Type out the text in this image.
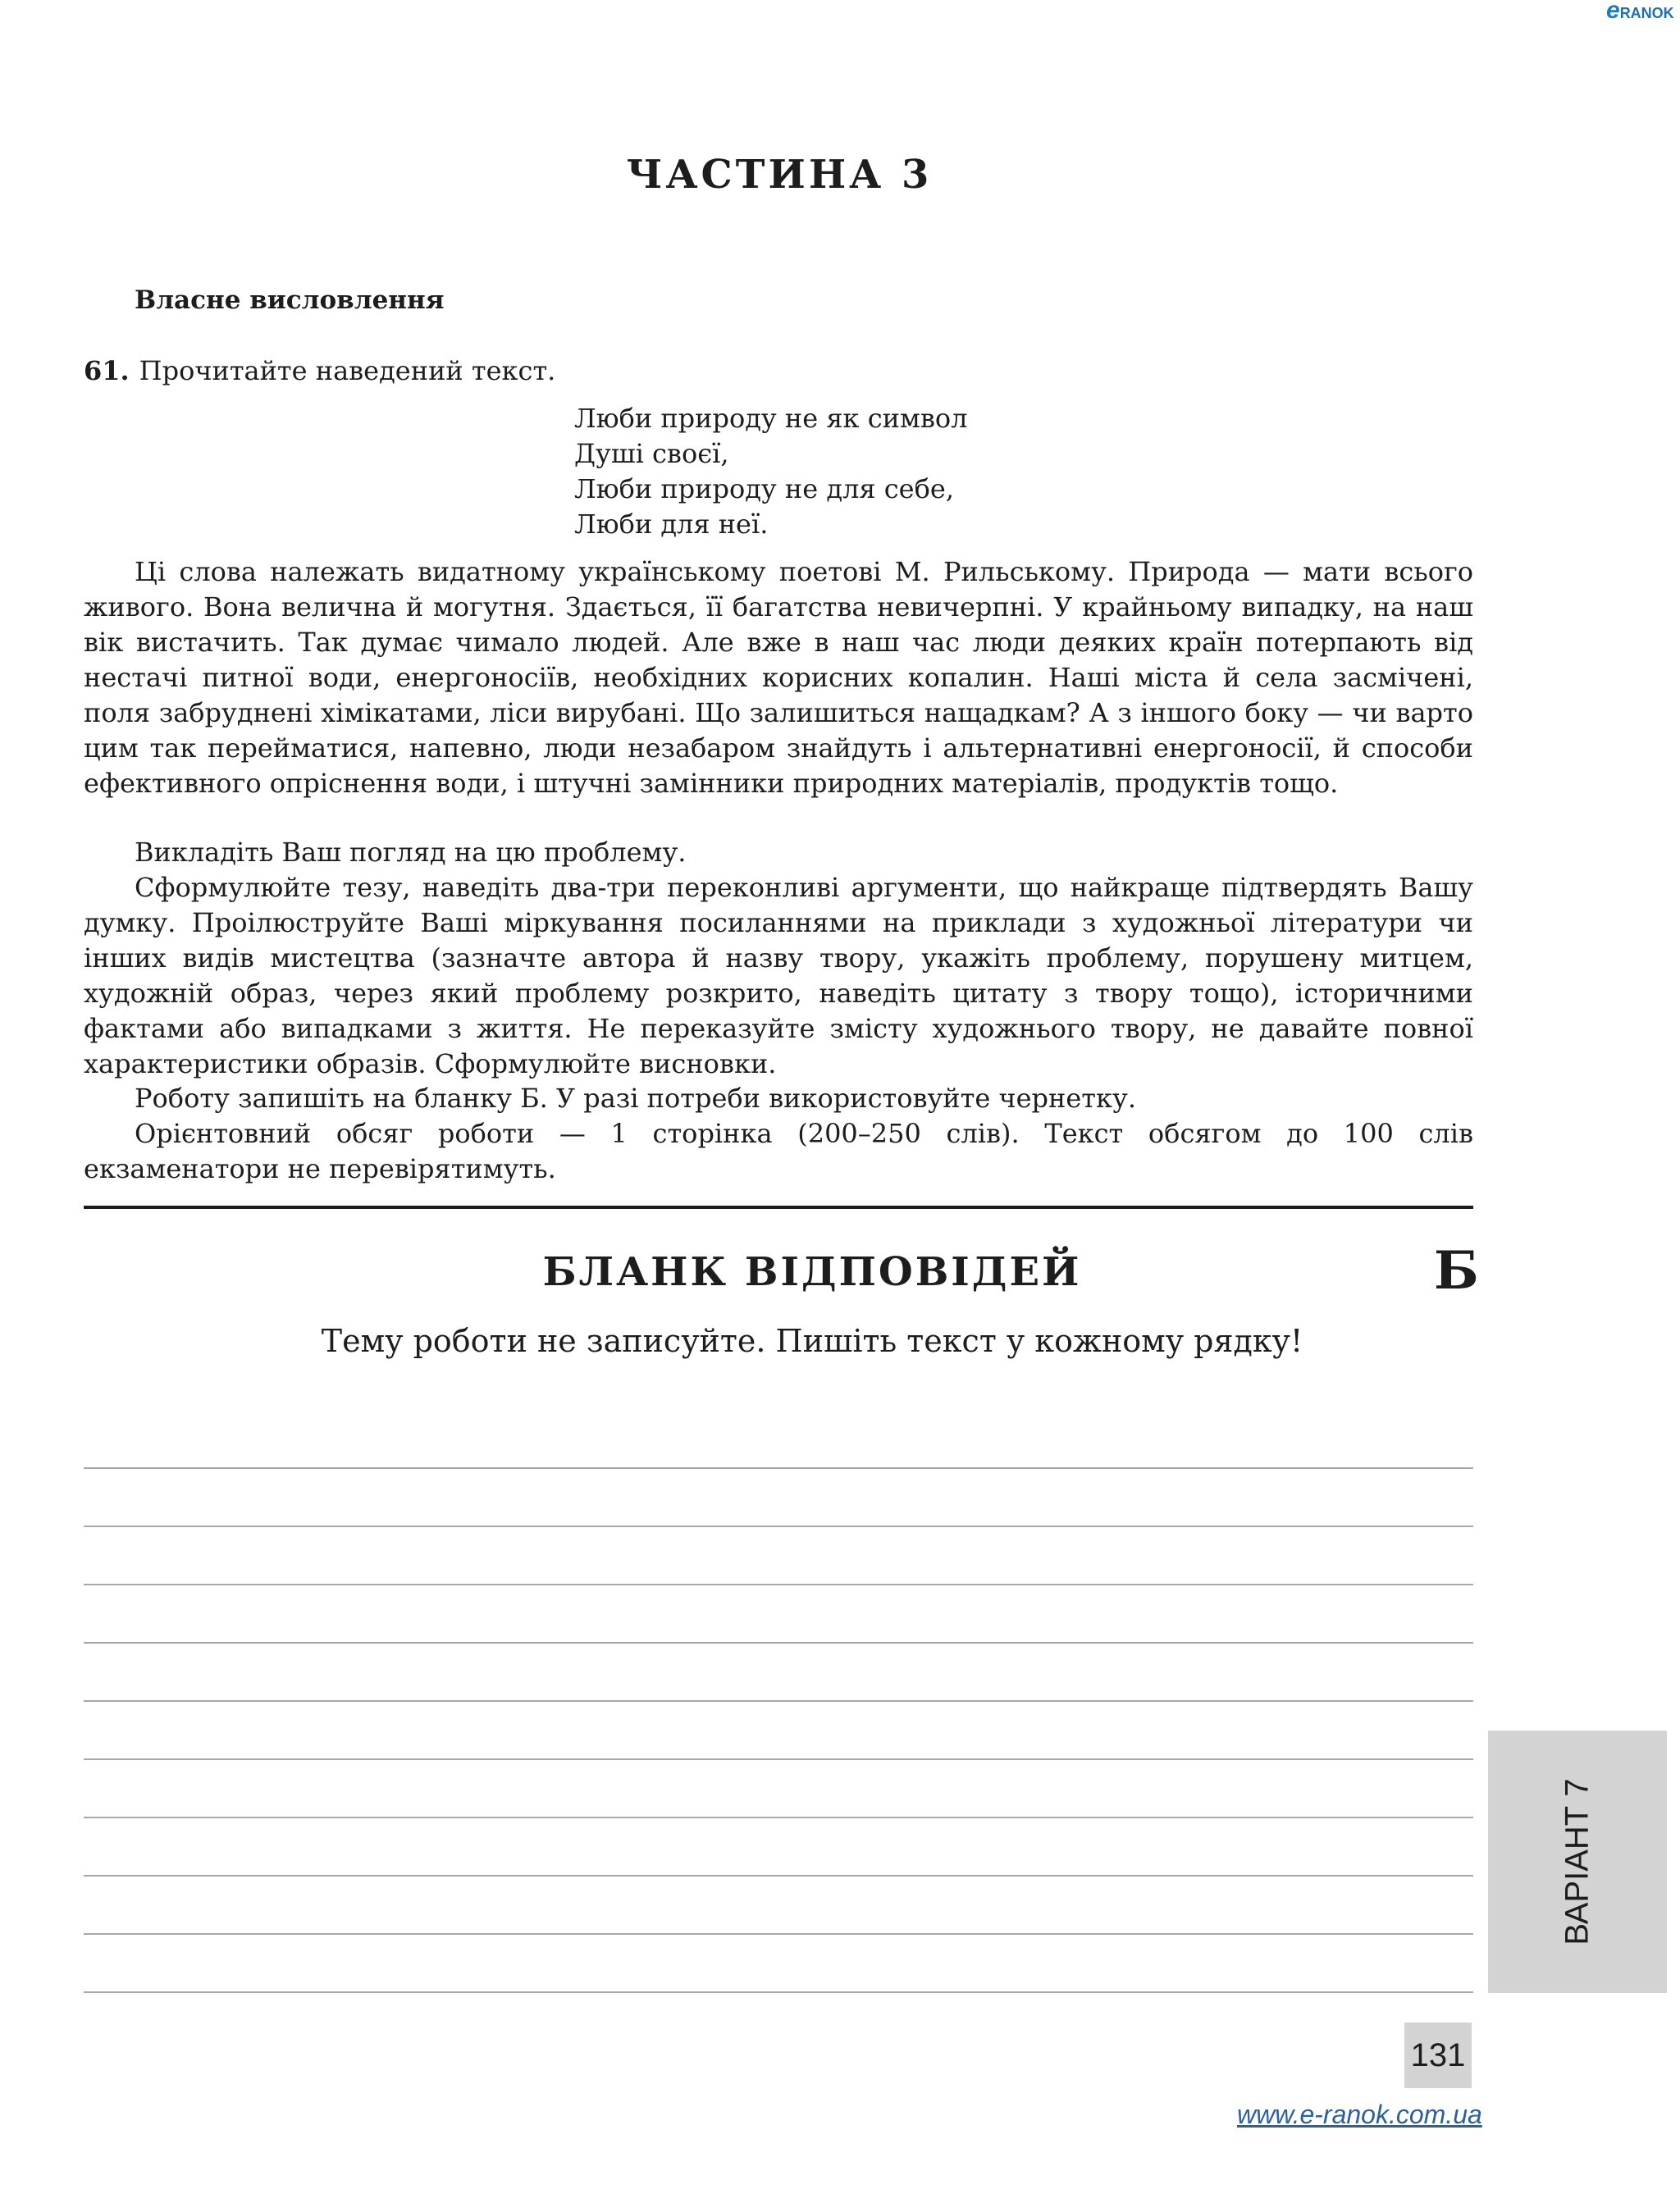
eRANOK
ЧАСТИНА 3
Власне висловлення
61. Прочитайте наведений текст.
Люби природу не як символ
Душі своєї,
Люби природу не для себе,
Люби для неї.
Ці слова належать видатному українському поетові М. Рильському. Природа — мати всього живого. Вона велична й могутня. Здається, її багатства невичерпні. У крайньому випадку, на наш вік вистачить. Так думає чимало людей. Але вже в наш час люди деяких країн потерпають від нестачі питної води, енергоносіїв, необхідних корисних копалин. Наші міста й села засмічені, поля забруднені хімікатами, ліси вирубані. Що залишиться нащадкам? А з іншого боку — чи варто цим так перейматися, напевно, люди незабаром знайдуть і альтернативні енергоносії, й способи ефективного опріснення води, і штучні замінники природних матеріалів, продуктів тощо.
Викладіть Ваш погляд на цю проблему.
Сформулюйте тезу, наведіть два-три переконливі аргументи, що найкраще підтвердять Вашу думку. Проілюструйте Ваші міркування посиланнями на приклади з художньої літератури чи інших видів мистецтва (зазначте автора й назву твору, укажіть проблему, порушену митцем, художній образ, через який проблему розкрито, наведіть цитату з твору тощо), історичними фактами або випадками з життя. Не переказуйте змісту художнього твору, не давайте повної характеристики образів. Сформулюйте висновки.
Роботу запишіть на бланку Б. У разі потреби використовуйте чернетку.
Орієнтовний обсяг роботи — 1 сторінка (200–250 слів). Текст обсягом до 100 слів екзаменатори не перевірятимуть.
БЛАНК ВІДПОВІДЕЙ	Б
Тему роботи не записуйте. Пишіть текст у кожному рядку!
ВАРІАНТ 7
131
www.e-ranok.com.ua
